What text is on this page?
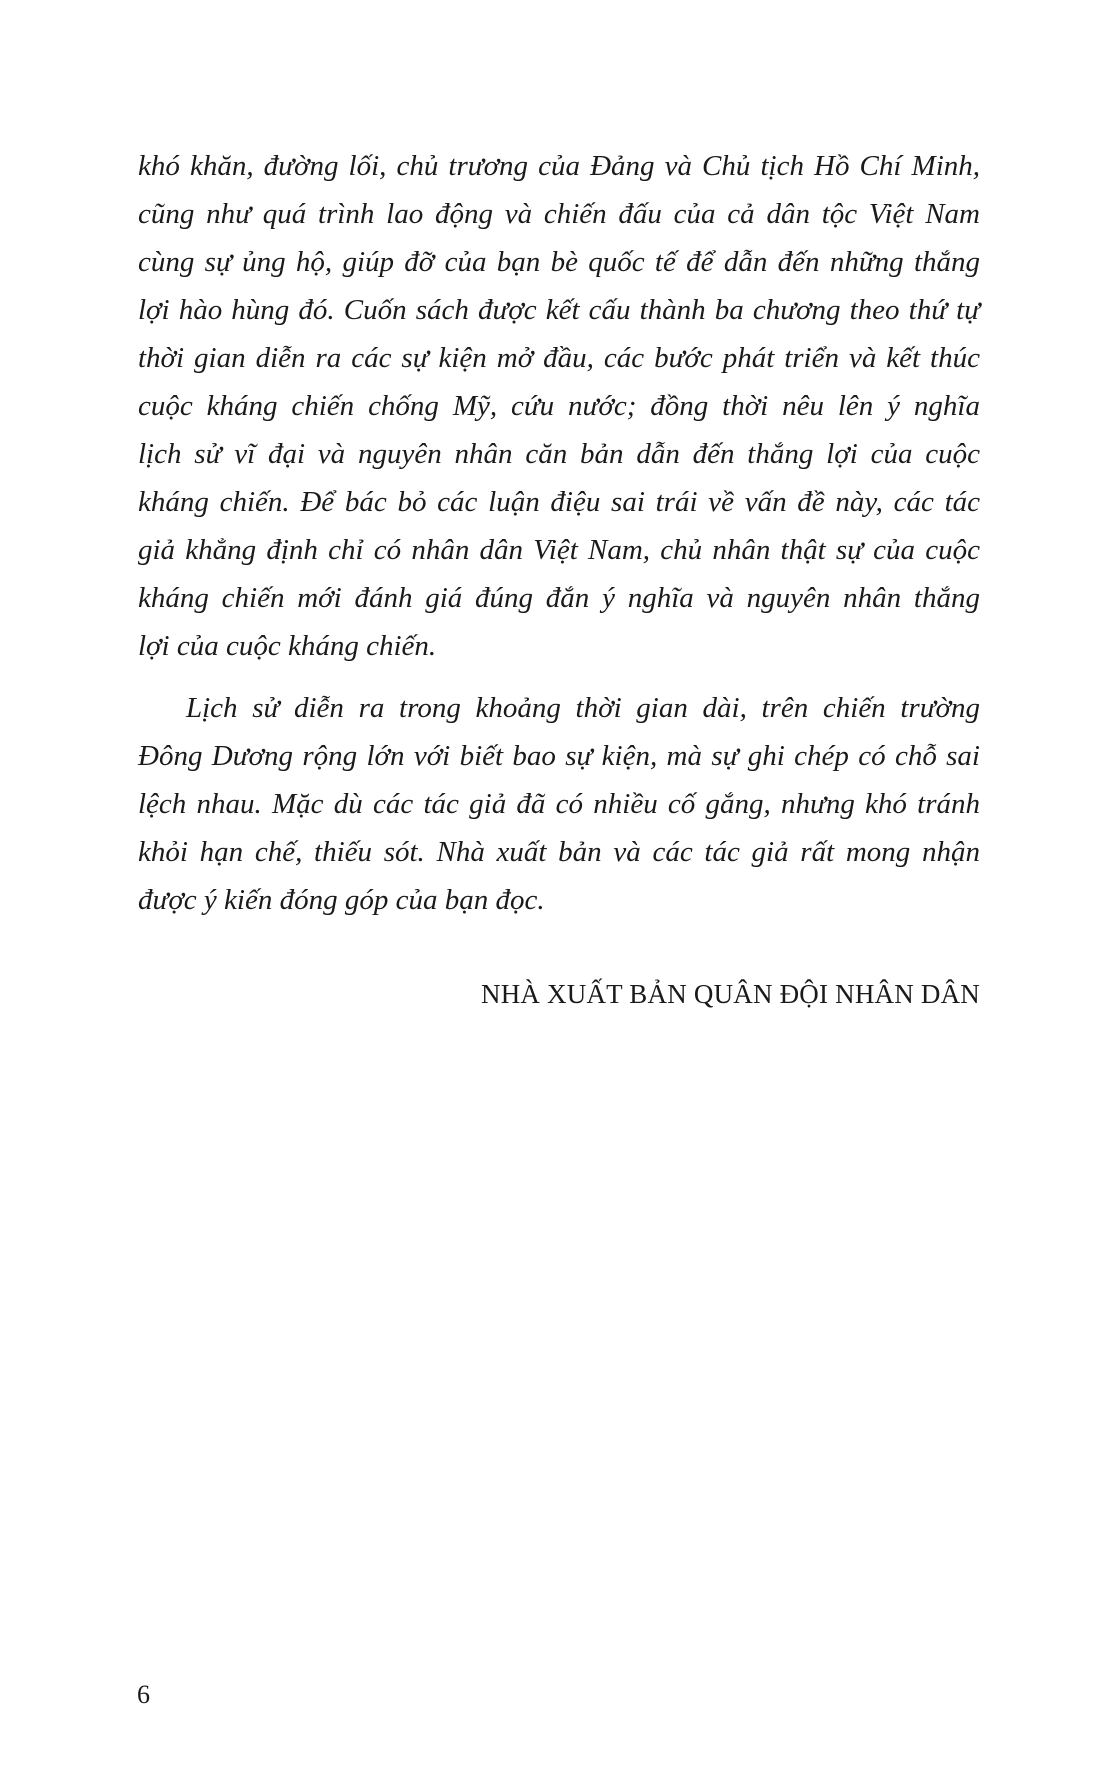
khó khăn, đường lối, chủ trương của Đảng và Chủ tịch Hồ Chí Minh,
cũng như quá trình lao động và chiến đấu của cả dân tộc Việt Nam
cùng sự ủng hộ, giúp đỡ của bạn bè quốc tế để dẫn đến những thắng
lợi hào hùng đó. Cuốn sách được kết cấu thành ba chương theo thứ tự
thời gian diễn ra các sự kiện mở đầu, các bước phát triển và kết thúc
cuộc kháng chiến chống Mỹ, cứu nước; đồng thời nêu lên ý nghĩa
lịch sử vĩ đại và nguyên nhân căn bản dẫn đến thắng lợi của cuộc
kháng chiến. Để bác bỏ các luận điệu sai trái về vấn đề này, các tác
giả khẳng định chỉ có nhân dân Việt Nam, chủ nhân thật sự của cuộc
kháng chiến mới đánh giá đúng đắn ý nghĩa và nguyên nhân thắng
lợi của cuộc kháng chiến.
Lịch sử diễn ra trong khoảng thời gian dài, trên chiến trường
Đông Dương rộng lớn với biết bao sự kiện, mà sự ghi chép có chỗ sai
lệch nhau. Mặc dù các tác giả đã có nhiều cố gắng, nhưng khó tránh
khỏi hạn chế, thiếu sót. Nhà xuất bản và các tác giả rất mong nhận
được ý kiến đóng góp của bạn đọc.
NHÀ XUẤT BẢN QUÂN ĐỘI NHÂN DÂN
6
